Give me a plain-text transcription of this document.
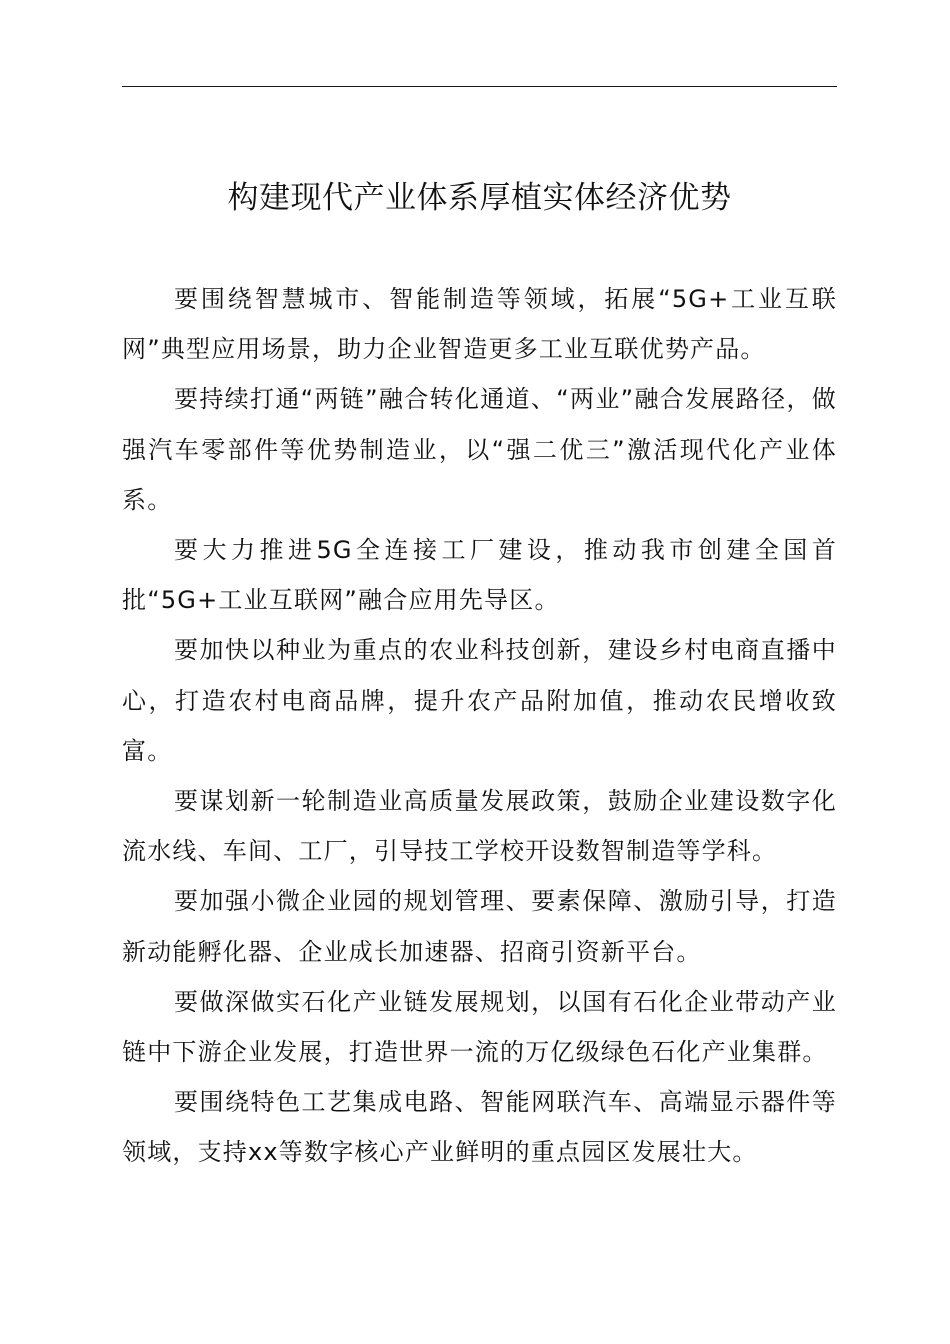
构建现代产业体系厚植实体经济优势

要围绕智慧城市、智能制造等领域，拓展“5G+工业互联网”典型应用场景，助力企业智造更多工业互联优势产品。

要持续打通“两链”融合转化通道、“两业”融合发展路径，做强汽车零部件等优势制造业，以“强二优三”激活现代化产业体系。

要大力推进5G全连接工厂建设，推动我市创建全国首批“5G+工业互联网”融合应用先导区。

要加快以种业为重点的农业科技创新，建设乡村电商直播中心，打造农村电商品牌，提升农产品附加值，推动农民增收致富。

要谋划新一轮制造业高质量发展政策，鼓励企业建设数字化流水线、车间、工厂，引导技工学校开设数智制造等学科。

要加强小微企业园的规划管理、要素保障、激励引导，打造新动能孵化器、企业成长加速器、招商引资新平台。

要做深做实石化产业链发展规划，以国有石化企业带动产业链中下游企业发展，打造世界一流的万亿级绿色石化产业集群。

要围绕特色工艺集成电路、智能网联汽车、高端显示器件等领域，支持xx等数字核心产业鲜明的重点园区发展壮大。
